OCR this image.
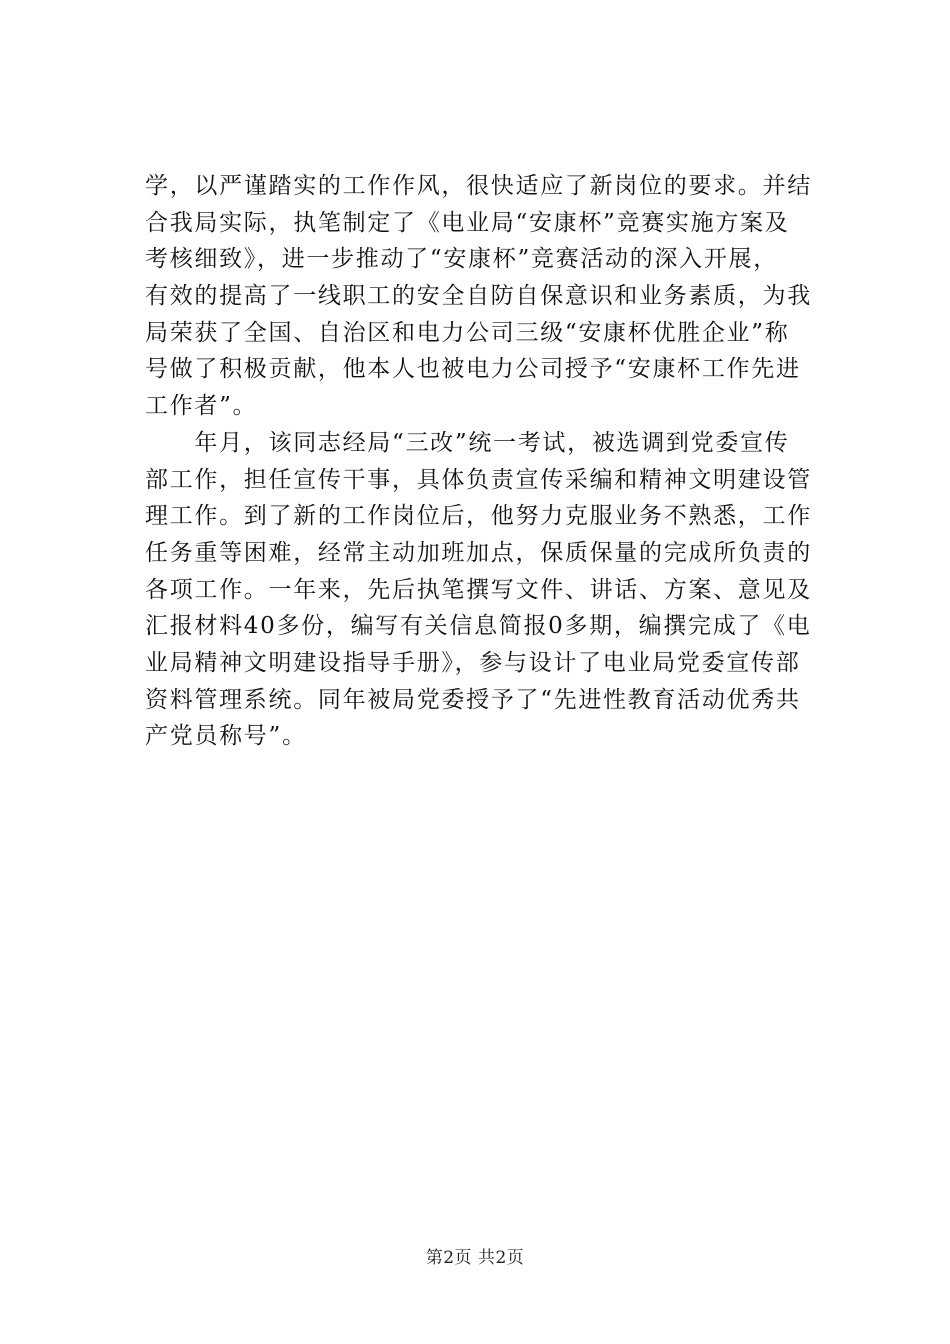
学，以严谨踏实的工作作风，很快适应了新岗位的要求。并结
合我局实际，执笔制定了《电业局“安康杯”竞赛实施方案及
考核细致》，进一步推动了“安康杯”竞赛活动的深入开展，
有效的提高了一线职工的安全自防自保意识和业务素质，为我
局荣获了全国、自治区和电力公司三级“安康杯优胜企业”称
号做了积极贡献，他本人也被电力公司授予“安康杯工作先进
工作者”。
　　年月，该同志经局“三改”统一考试，被选调到党委宣传
部工作，担任宣传干事，具体负责宣传采编和精神文明建设管
理工作。到了新的工作岗位后，他努力克服业务不熟悉，工作
任务重等困难，经常主动加班加点，保质保量的完成所负责的
各项工作。一年来，先后执笔撰写文件、讲话、方案、意见及
汇报材料40多份，编写有关信息简报0多期，编撰完成了《电
业局精神文明建设指导手册》，参与设计了电业局党委宣传部
资料管理系统。同年被局党委授予了“先进性教育活动优秀共
产党员称号”。
第2页 共2页
